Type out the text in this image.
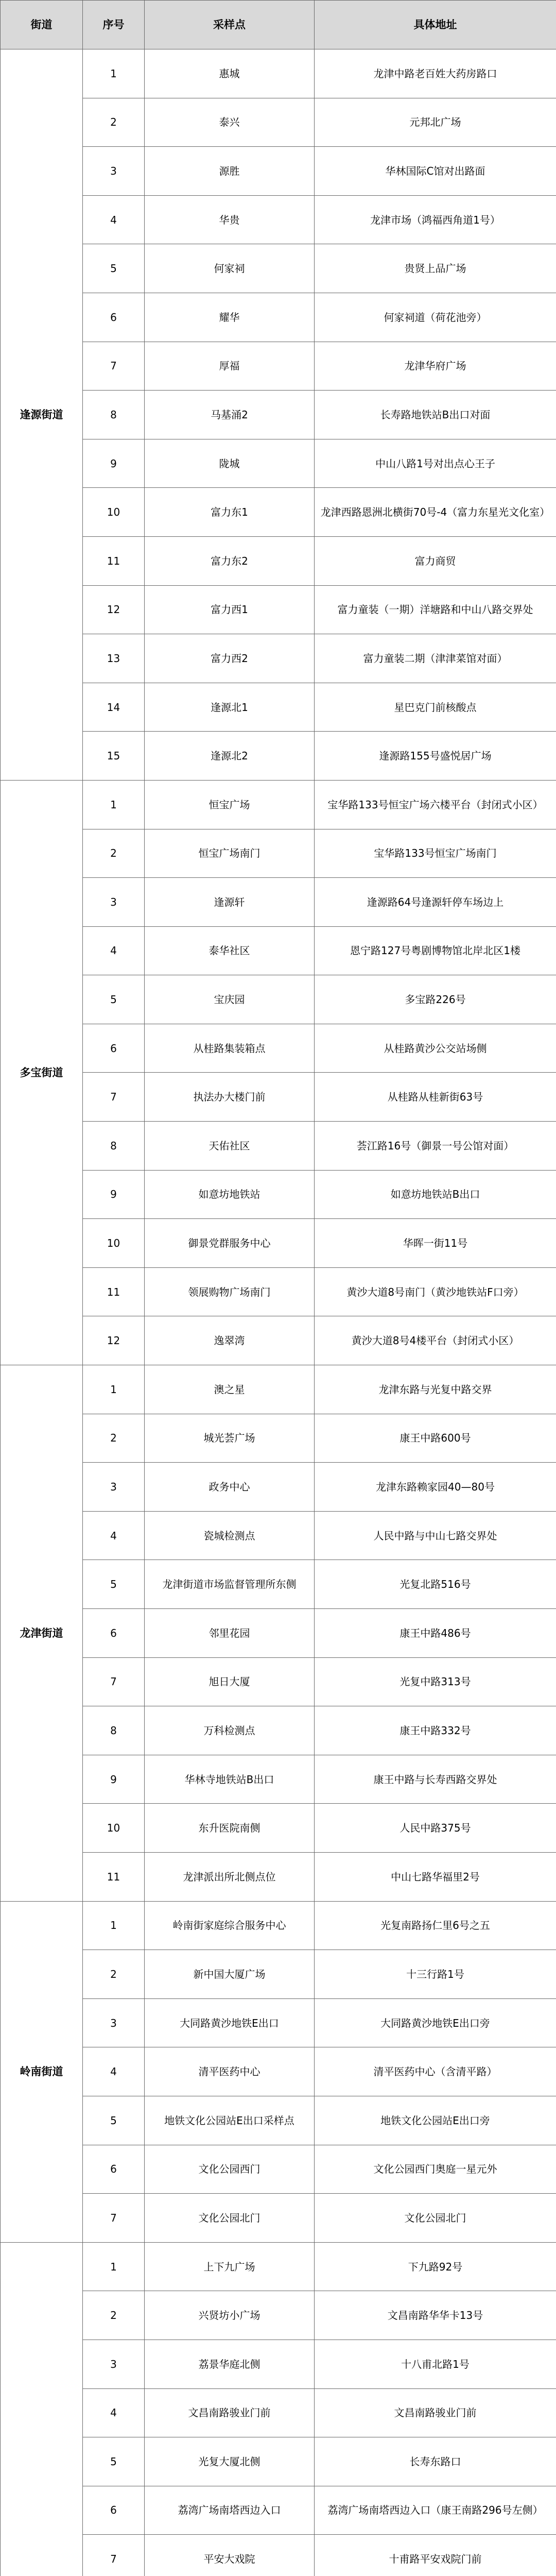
街道	序号	采样点	具体地址
逢源街道	1	惠城	龙津中路老百姓大药房路口
	2	泰兴	元邦北广场
	3	源胜	华林国际C馆对出路面
	4	华贵	龙津市场（鸿福西角道1号）
	5	何家祠	贵贤上品广场
	6	耀华	何家祠道（荷花池旁）
	7	厚福	龙津华府广场
	8	马基涌2	长寿路地铁站B出口对面
	9	陇城	中山八路1号对出点心王子
	10	富力东1	龙津西路恩洲北横街70号-4（富力东星光文化室）
	11	富力东2	富力商贸
	12	富力西1	富力童装（一期）洋塘路和中山八路交界处
	13	富力西2	富力童装二期（津津菜馆对面）
	14	逢源北1	星巴克门前核酸点
	15	逢源北2	逢源路155号盛悦居广场
多宝街道	1	恒宝广场	宝华路133号恒宝广场六楼平台（封闭式小区）
	2	恒宝广场南门	宝华路133号恒宝广场南门
	3	逢源轩	逢源路64号逢源轩停车场边上
	4	泰华社区	恩宁路127号粤剧博物馆北岸北区1楼
	5	宝庆园	多宝路226号
	6	从桂路集装箱点	从桂路黄沙公交站场侧
	7	执法办大楼门前	从桂路从桂新街63号
	8	天佑社区	荟江路16号（御景一号公馆对面）
	9	如意坊地铁站	如意坊地铁站B出口
	10	御景党群服务中心	华晖一街11号
	11	领展购物广场南门	黄沙大道8号南门（黄沙地铁站F口旁）
	12	逸翠湾	黄沙大道8号4楼平台（封闭式小区）
龙津街道	1	澳之星	龙津东路与光复中路交界
	2	城光荟广场	康王中路600号
	3	政务中心	龙津东路赖家园40—80号
	4	瓷城检测点	人民中路与中山七路交界处
	5	龙津街道市场监督管理所东侧	光复北路516号
	6	邻里花园	康王中路486号
	7	旭日大厦	光复中路313号
	8	万科检测点	康王中路332号
	9	华林寺地铁站B出口	康王中路与长寿西路交界处
	10	东升医院南侧	人民中路375号
	11	龙津派出所北侧点位	中山七路华福里2号
岭南街道	1	岭南街家庭综合服务中心	光复南路扬仁里6号之五
	2	新中国大厦广场	十三行路1号
	3	大同路黄沙地铁E出口	大同路黄沙地铁E出口旁
	4	清平医药中心	清平医药中心（含清平路）
	5	地铁文化公园站E出口采样点	地铁文化公园站E出口旁
	6	文化公园西门	文化公园西门奥庭一星元外
	7	文化公园北门	文化公园北门
	1	上下九广场	下九路92号
	2	兴贤坊小广场	文昌南路华华卡13号
	3	荔景华庭北侧	十八甫北路1号
	4	文昌南路骏业门前	文昌南路骏业门前
	5	光复大厦北侧	长寿东路口
	6	荔湾广场南塔西边入口	荔湾广场南塔西边入口（康王南路296号左侧）
	7	平安大戏院	十甫路平安戏院门前
